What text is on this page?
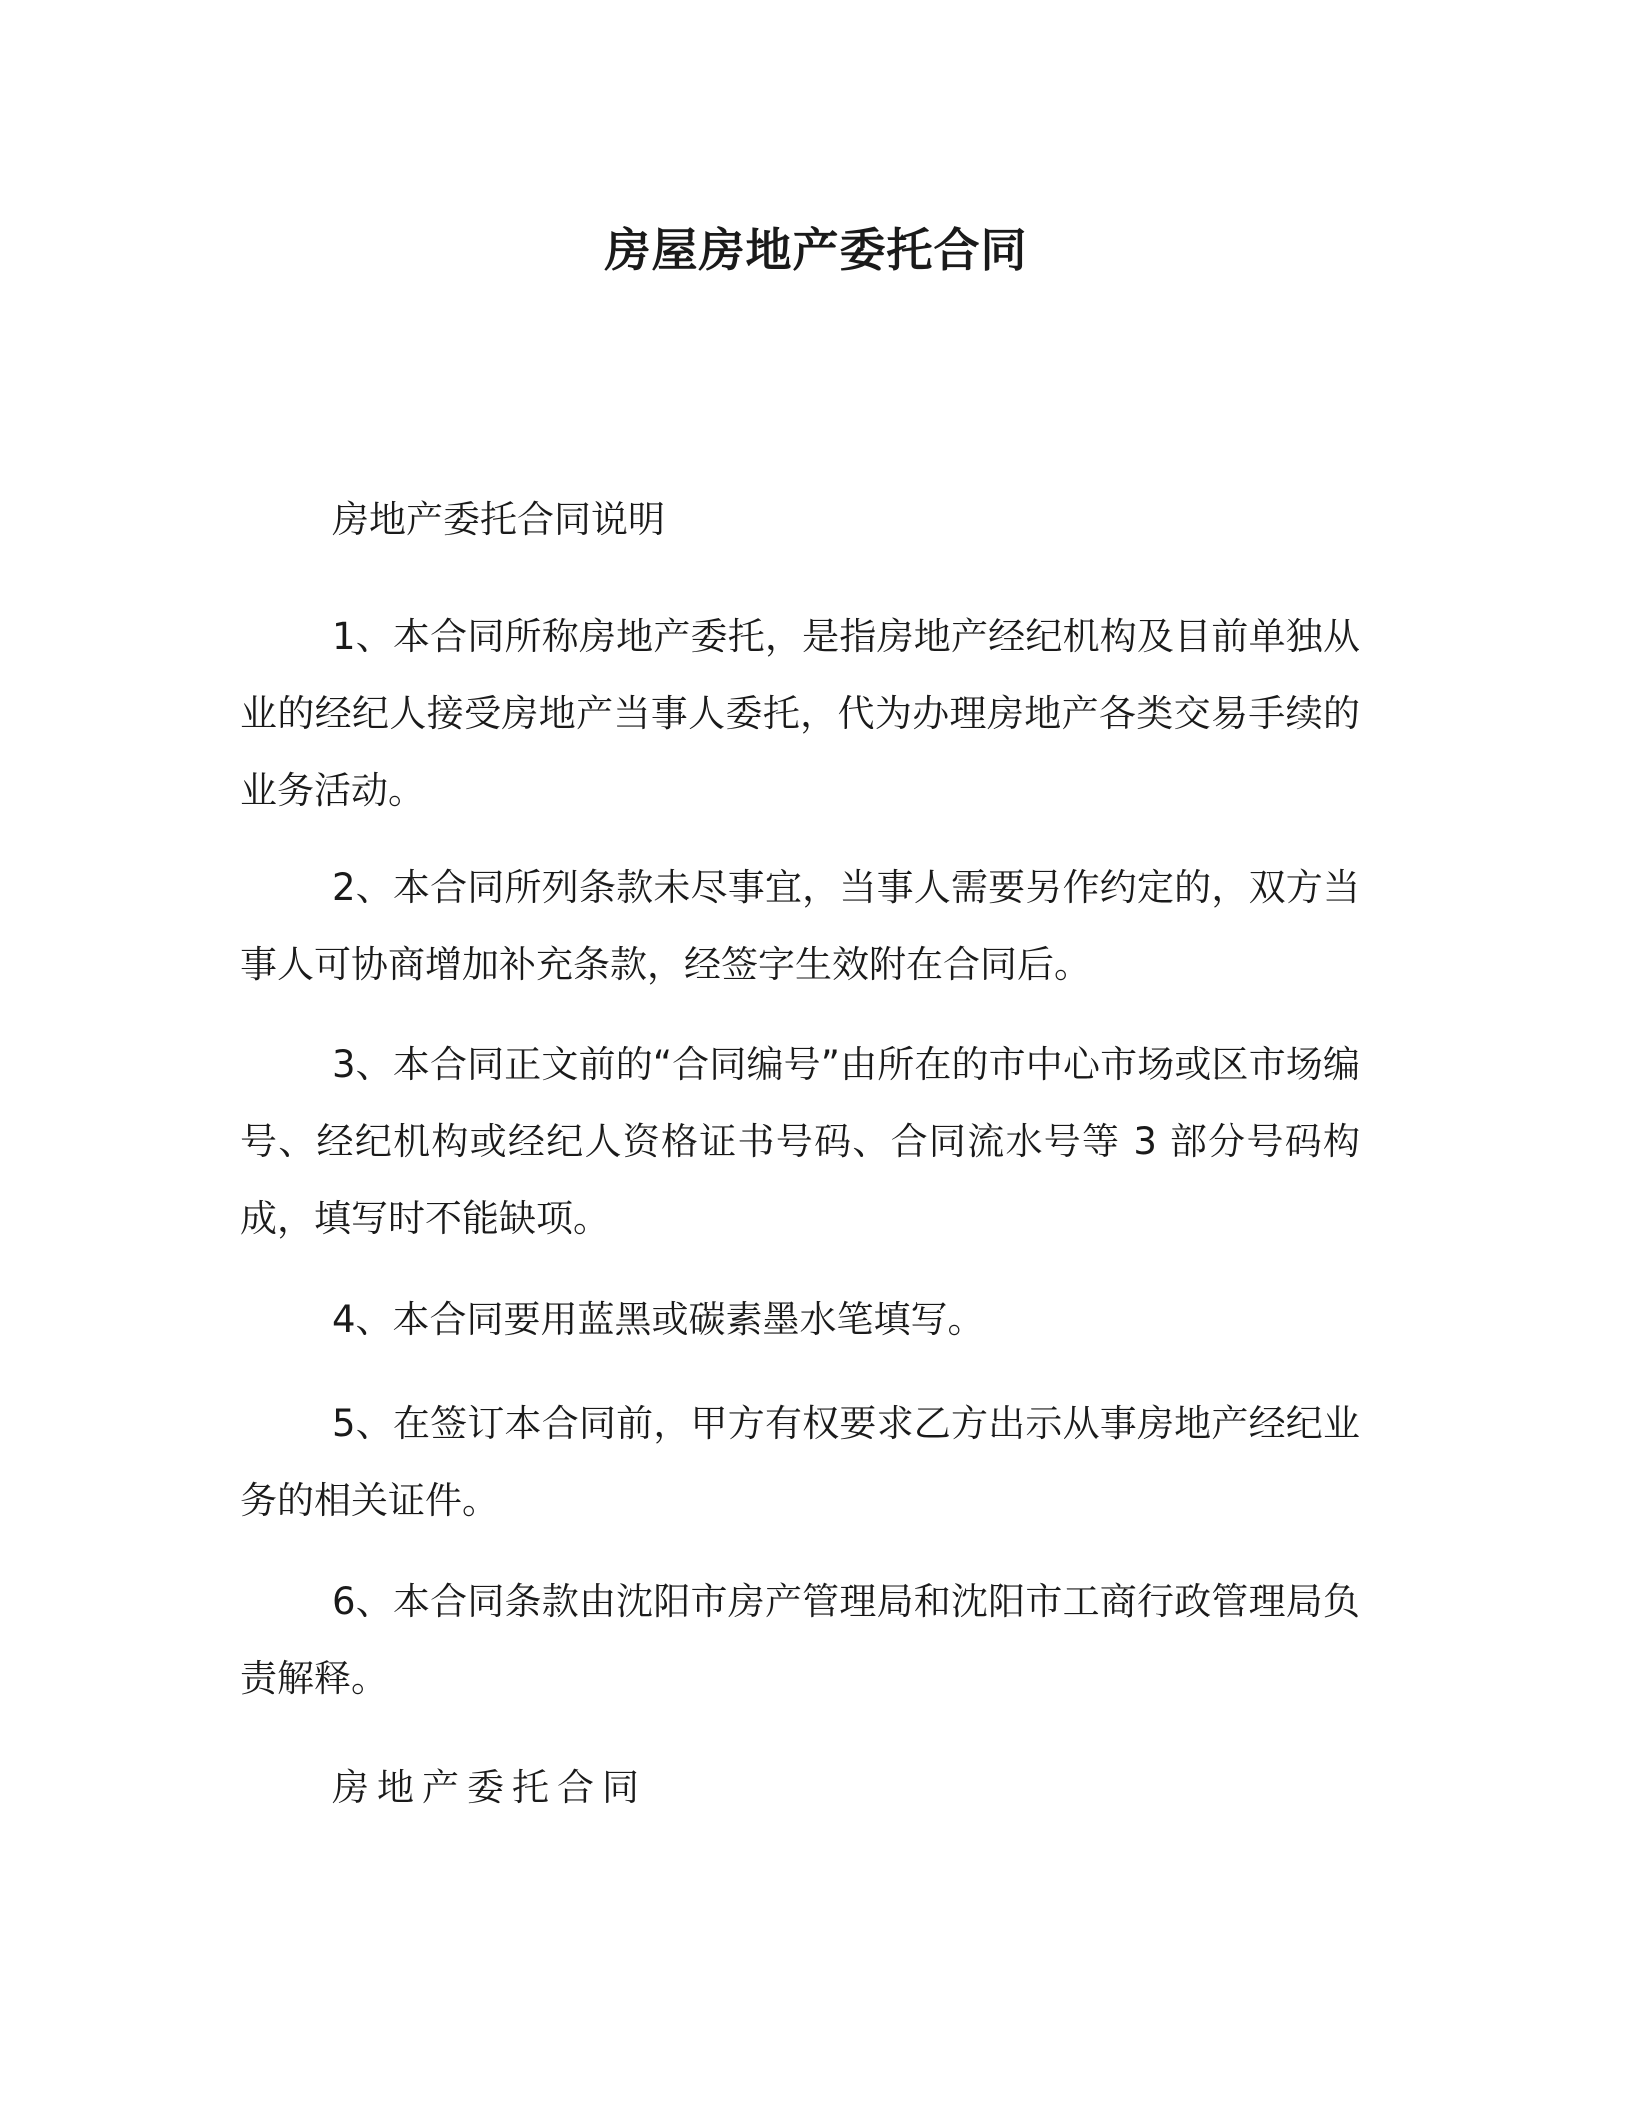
房屋房地产委托合同

房地产委托合同说明

1、本合同所称房地产委托，是指房地产经纪机构及目前单独从业的经纪人接受房地产当事人委托，代为办理房地产各类交易手续的业务活动。

2、本合同所列条款未尽事宜，当事人需要另作约定的，双方当事人可协商增加补充条款，经签字生效附在合同后。

3、本合同正文前的“合同编号”由所在的市中心市场或区市场编号、经纪机构或经纪人资格证书号码、合同流水号等 3 部分号码构成，填写时不能缺项。

4、本合同要用蓝黑或碳素墨水笔填写。

5、在签订本合同前，甲方有权要求乙方出示从事房地产经纪业务的相关证件。

6、本合同条款由沈阳市房产管理局和沈阳市工商行政管理局负责解释。

房地产委托合同
